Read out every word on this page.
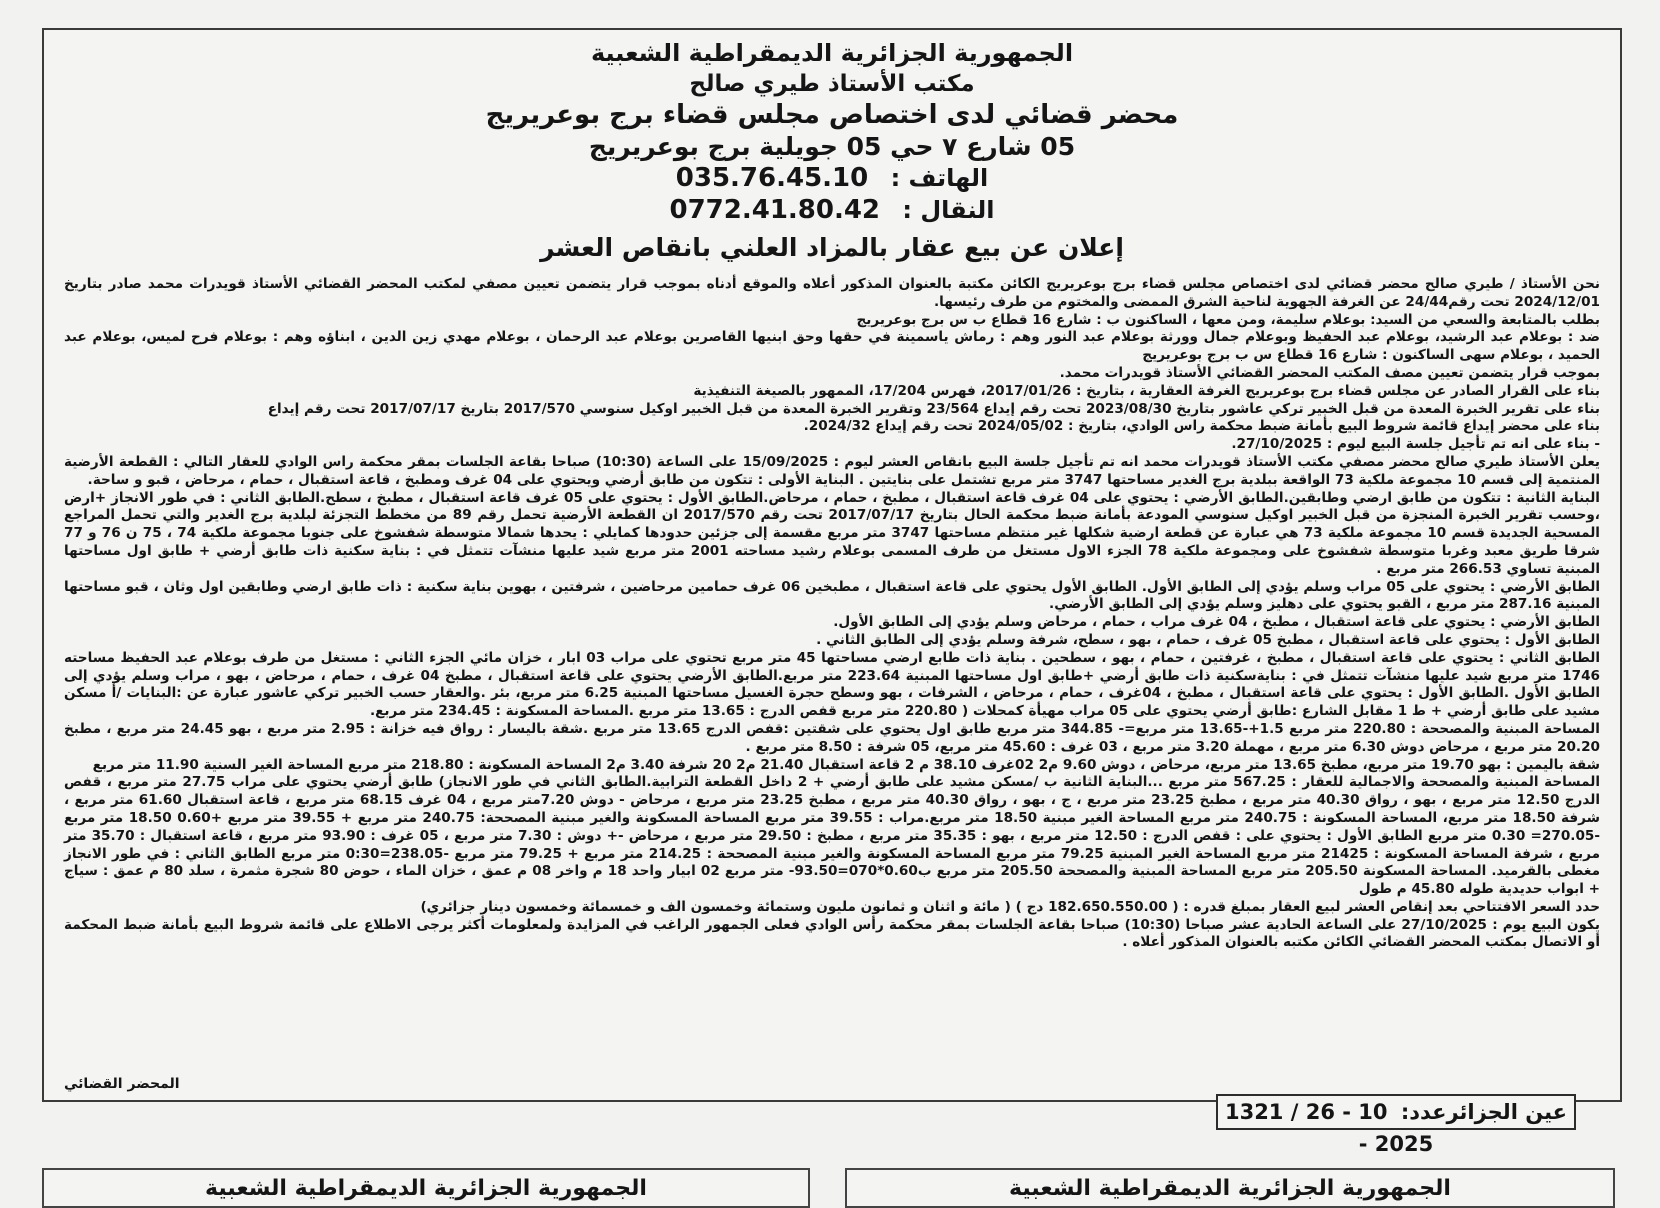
الجمهورية الجزائرية الديمقراطية الشعبية

مكتب الأستاذ طيري صالح

محضر قضائي لدى اختصاص مجلس قضاء برج بوعريريج

05 شارع ٧ حي 05 جويلية برج بوعريريج

الهاتف : 035.76.45.10

النقال : 0772.41.80.42

إعلان عن بيع عقار بالمزاد العلني بانقاص العشر

نحن الأستاذ / طيري صالح محضر قضائي لدى اختصاص مجلس قضاء برج بوعريريج الكائن مكتبة بالعنوان المذكور أعلاه والموقع أدناه بموجب قرار يتضمن تعيين مصفي لمكتب المحضر القضائي الأستاذ قويدرات محمد صادر بتاريخ 2024/12/01 تحت رقم24/44 عن الغرفة الجهوية لناحية الشرق الممضى والمختوم من طرف رئيسها.

بطلب بالمتابعة والسعي من السيد: بوعلام سليمة، ومن معها ، الساكنون ب : شارع 16 قطاع ب س برج بوعريريج

ضد : بوعلام عبد الرشيد، بوعلام عبد الحفيظ وبوعلام جمال وورثة بوعلام عبد النور وهم : رماش ياسمينة في حقها وحق ابنيها القاصرين بوعلام عبد الرحمان ، بوعلام مهدي زين الدين ، ابناؤه وهم : بوعلام فرح لميس، بوعلام عبد الحميد ، بوعلام سهى الساكنون : شارع 16 قطاع س ب برج بوعريريج

بموجب قرار يتضمن تعيين مصف المكتب المحضر القضائي الأستاذ قويدرات محمد.

بناء على القرار الصادر عن مجلس قضاء برج بوعريريج الغرفة العقارية ، بتاريخ : 2017/01/26، فهرس 17/204، الممهور بالصيغة التنفيذية

بناء على تقرير الخبرة المعدة من قبل الخبير تركي عاشور بتاريخ 2023/08/30 تحت رقم إيداع 23/564 وتقرير الخبرة المعدة من قبل الخبير اوكيل سنوسي 2017/570 بتاريخ 2017/07/17 تحت رقم إيداع

بناء على محضر إيداع قائمة شروط البيع بأمانة ضبط محكمة راس الوادي، بتاريخ : 2024/05/02 تحت رقم إيداع 2024/32.

- بناء على انه تم تأجيل جلسة البيع ليوم : 27/10/2025.

يعلن الأستاذ طيري صالح محضر مصفي مكتب الأستاذ قويدرات محمد انه تم تأجيل جلسة البيع بانقاص العشر ليوم : 15/09/2025 على الساعة (10:30) صباحا بقاعة الجلسات بمقر محكمة راس الوادي للعقار التالي : القطعة الأرضية المنتمية إلى قسم 10 مجموعة ملكية 73 الواقعة ببلدية برج الغدير مساحتها 3747 متر مربع تشتمل على بنايتين . البناية الأولى : تتكون من طابق أرضي ويحتوي على 04 غرف ومطبخ ، قاعة استقبال ، حمام ، مرحاض ، قبو و ساحة.

البناية الثانية : تتكون من طابق ارضي وطابقين.الطابق الأرضي : يحتوي على 04 غرف قاعة استقبال ، مطبخ ، حمام ، مرحاض.الطابق الأول : يحتوي على 05 غرف قاعة استقبال ، مطبخ ، سطح.الطابق الثاني : في طور الانجاز +ارض ،وحسب تقرير الخبرة المنجزة من قبل الخبير اوكيل سنوسي المودعة بأمانة ضبط محكمة الحال بتاريخ 2017/07/17 تحت رقم 2017/570 ان القطعة الأرضية تحمل رقم 89 من مخطط التجزئة لبلدية برج الغدير والتي تحمل المراجع المسحية الجديدة قسم 10 مجموعة ملكية 73 هي عبارة عن قطعة ارضية شكلها غير منتظم مساحتها 3747 متر مربع مقسمة إلى جزئين حدودها كمايلي : يحدها شمالا متوسطة شفشوخ على جنوبا مجموعة ملكية 74 ، 75 ن 76 و 77 شرقا طريق معبد وغربا متوسطة شفشوخ على ومجموعة ملكية 78 الجزء الاول مستغل من طرف المسمى بوعلام رشيد مساحته 2001 متر مربع شيد عليها منشآت تتمثل في : بناية سكنية ذات طابق أرضي + طابق اول مساحتها المبنية تساوي 266.53 متر مربع .

الطابق الأرضي : يحتوي على 05 مراب وسلم يؤدي إلى الطابق الأول. الطابق الأول يحتوي على قاعة استقبال ، مطبخين 06 غرف حمامين مرحاضين ، شرفتين ، بهوين بناية سكنية : ذات طابق ارضي وطابقين اول وثان ، قبو مساحتها المبنية 287.16 متر مربع ، القبو يحتوي على دهليز وسلم يؤدي إلى الطابق الأرضي.

الطابق الأرضي : يحتوي على قاعة استقبال ، مطبخ ، 04 غرف مراب ، حمام ، مرحاض وسلم يؤدي إلى الطابق الأول.

الطابق الأول : يحتوي على قاعة استقبال ، مطبخ 05 غرف ، حمام ، بهو ، سطح، شرفة وسلم يؤدي إلى الطابق الثاني .

الطابق الثاني : يحتوي على قاعة استقبال ، مطبخ ، غرفتين ، حمام ، بهو ، سطحين . بناية ذات طابع ارضي مساحتها 45 متر مربع تحتوي على مراب 03 ابار ، خزان مائي الجزء الثاني : مستغل من طرف بوعلام عبد الحفيظ مساحته 1746 متر مربع شيد عليها منشآت تتمثل في : بنايةسكنية ذات طابق أرضي +طابق اول مساحتها المبنية 223.64 متر مربع.الطابق الأرضي يحتوي على قاعة استقبال ، مطبخ 04 غرف ، حمام ، مرحاض ، بهو ، مراب وسلم يؤدي إلى الطابق الأول .الطابق الأول : يحتوي على قاعة استقبال ، مطبخ ، 04غرف ، حمام ، مرحاض ، الشرفات ، بهو وسطح حجرة الغسيل مساحتها المبنية 6.25 متر مربع، بئر .والعقار حسب الخبير تركي عاشور عبارة عن :البنايات /أ مسكن مشيد على طابق أرضي + ط 1 مقابل الشارع :طابق أرضي يحتوي على 05 مراب مهيأة كمحلات ( 220.80 متر مربع قفص الدرج : 13.65 متر مربع .المساحة المسكونة : 234.45 متر مربع.

المساحة المبنية والمصححة : 220.80 متر مربع 1.5+-13.65 متر مربع=- 344.85 متر مربع طابق اول يحتوي على شقتين :قفص الدرج 13.65 متر مربع .شقة باليسار : رواق فيه خزانة : 2.95 متر مربع ، بهو 24.45 متر مربع ، مطبخ 20.20 متر مربع ، مرحاض دوش 6.30 متر مربع ، مهملة 3.20 متر مربع ، 03 غرف : 45.60 متر مربع، 05 شرفة : 8.50 متر مربع .

شقة باليمين : بهو 19.70 متر مربع، مطبخ 13.65 متر مربع، مرحاض ، دوش 9.60 م2 02غرف 38.10 م 2 قاعة استقبال 21.40 م2 20 شرفة 3.40 م2 المساحة المسكونة : 218.80 متر مربع المساحة الغير السنية 11.90 متر مربع

المساحة المبنية والمصححة والاجمالية للعقار : 567.25 متر مربع ...البناية الثانية ب /مسكن مشيد على طابق أرضي + 2 داخل القطعة الترابية.الطابق الثاني في طور الانجاز) طابق أرضي يحتوي على مراب 27.75 متر مربع ، قفص الدرج 12.50 متر مربع ، بهو ، رواق 40.30 متر مربع ، مطبخ 23.25 متر مربع ، ج ، بهو ، رواق 40.30 متر مربع ، مطبخ 23.25 متر مربع ، مرحاض - دوش 7.20متر مربع ، 04 غرف 68.15 متر مربع ، قاعة استقبال 61.60 متر مربع ، شرفة 18.50 متر مربع، المساحة المسكونة : 240.75 متر مربع المساحة الغير مبنية 18.50 متر مربع.مراب : 39.55 متر مربع المساحة المسكونة والغير مبنية المصححة: 240.75 متر مربع + 39.55 متر مربع +0.60 18.50 متر مربع -270.05= 0.30 متر مربع الطابق الأول : يحتوي على : قفص الدرج : 12.50 متر مربع ، بهو : 35.35 متر مربع ، مطبخ : 29.50 متر مربع ، مرحاض -+ دوش : 7.30 متر مربع ، 05 غرف : 93.90 متر مربع ، قاعة استقبال : 35.70 متر مربع ، شرفة المساحة المسكونة : 21425 متر مربع المساحة الغير المبنية 79.25 متر مربع المساحة المسكونة والغير مبنية المصححة : 214.25 متر مربع + 79.25 متر مربع -238.05=0:30 متر مربع الطابق الثاني : في طور الانجاز مغطى بالقرميد. المساحة المسكونة 205.50 متر مربع المساحة المبنية والمصححة 205.50 متر مربع ب0.60*070=93.50- متر مربع 02 ابيار واحد 18 م واخر 08 م عمق ، خزان الماء ، حوض 80 شجرة مثمرة ، سلد 80 م عمق : سياج + ابواب حديدية طوله 45.80 م طول

حدد السعر الافتتاحي بعد إنقاص العشر لبيع العقار بمبلغ قدره : ( 182.650.550.00 دج ) ( مائة و اثنان و ثمانون مليون وستمائة وخمسون الف و خمسمائة وخمسون دينار جزائري)

يكون البيع يوم : 27/10/2025 على الساعة الحادية عشر صباحا (10:30) صباحا بقاعة الجلسات بمقر محكمة رأس الوادي فعلى الجمهور الراغب في المزايدة ولمعلومات أكثر يرجى الاطلاع على قائمة شروط البيع بأمانة ضبط المحكمة أو الاتصال بمكتب المحضر القضائي الكائن مكتبه بالعنوان المذكور أعلاه .

المحضر القضائي
عين الجزائرعدد: 1321 / 26 - 10 - 2025
الجمهورية الجزائرية الديمقراطية الشعبية	الجمهورية الجزائرية الديمقراطية الشعبية
